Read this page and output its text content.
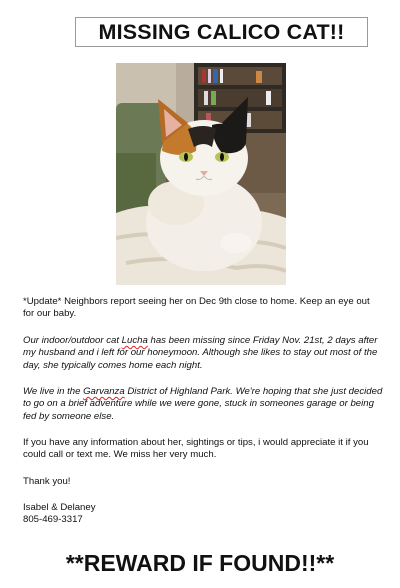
MISSING CALICO CAT!!

*Update* Neighbors report seeing her on Dec 9th close to home. Keep an eye out for our baby.

Our indoor/outdoor cat Lucha has been missing since Friday Nov. 21st, 2 days after my husband and i left for our honeymoon. Although she likes to stay out most of the day, she typically comes home each night.

We live in the Garvanza District of Highland Park. We're hoping that she just decided to go on a brief adventure while we were gone, stuck in someones garage or being fed by someone else.

If you have any information about her, sightings or tips, i would appreciate it if you could call or text me. We miss her very much.

Thank you!

Isabel & Delaney

805-469-3317

**REWARD IF FOUND!!**
